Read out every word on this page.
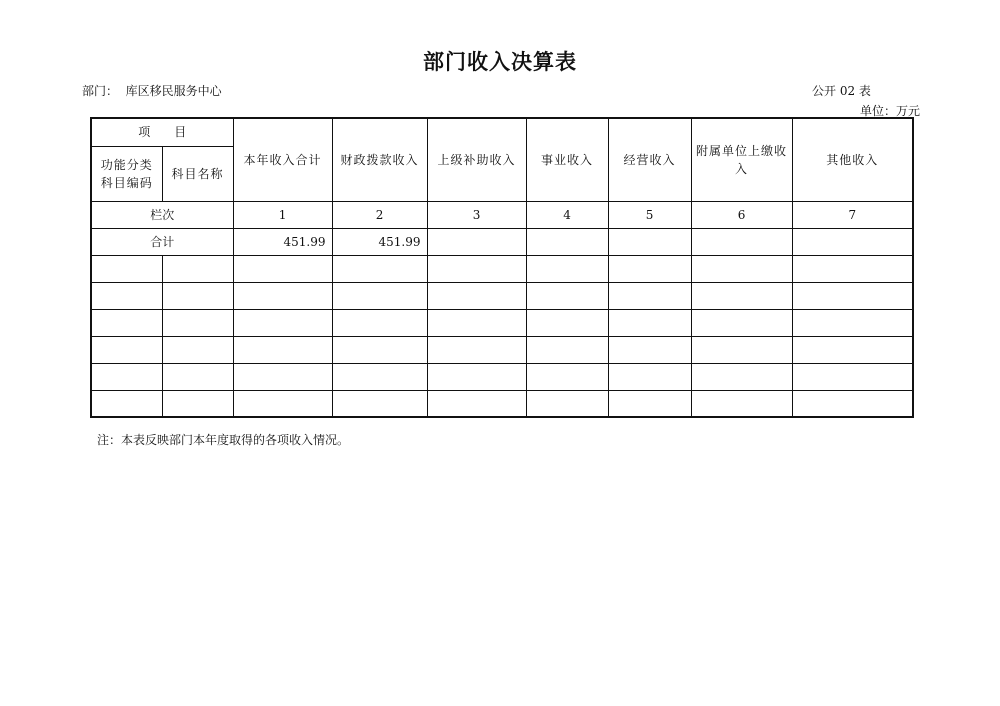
部门收入决算表
部门：  库区移民服务中心	公开 02 表
单位：万元
项　　目		本年收入合计	财政拨款收入	上级补助收入	事业收入	经营收入	附属单位上缴收入	其他收入
功能分类科目编码	科目名称							
栏次		1	2	3	4	5	6	7
合计		451.99	451.99					

注：本表反映部门本年度取得的各项收入情况。
